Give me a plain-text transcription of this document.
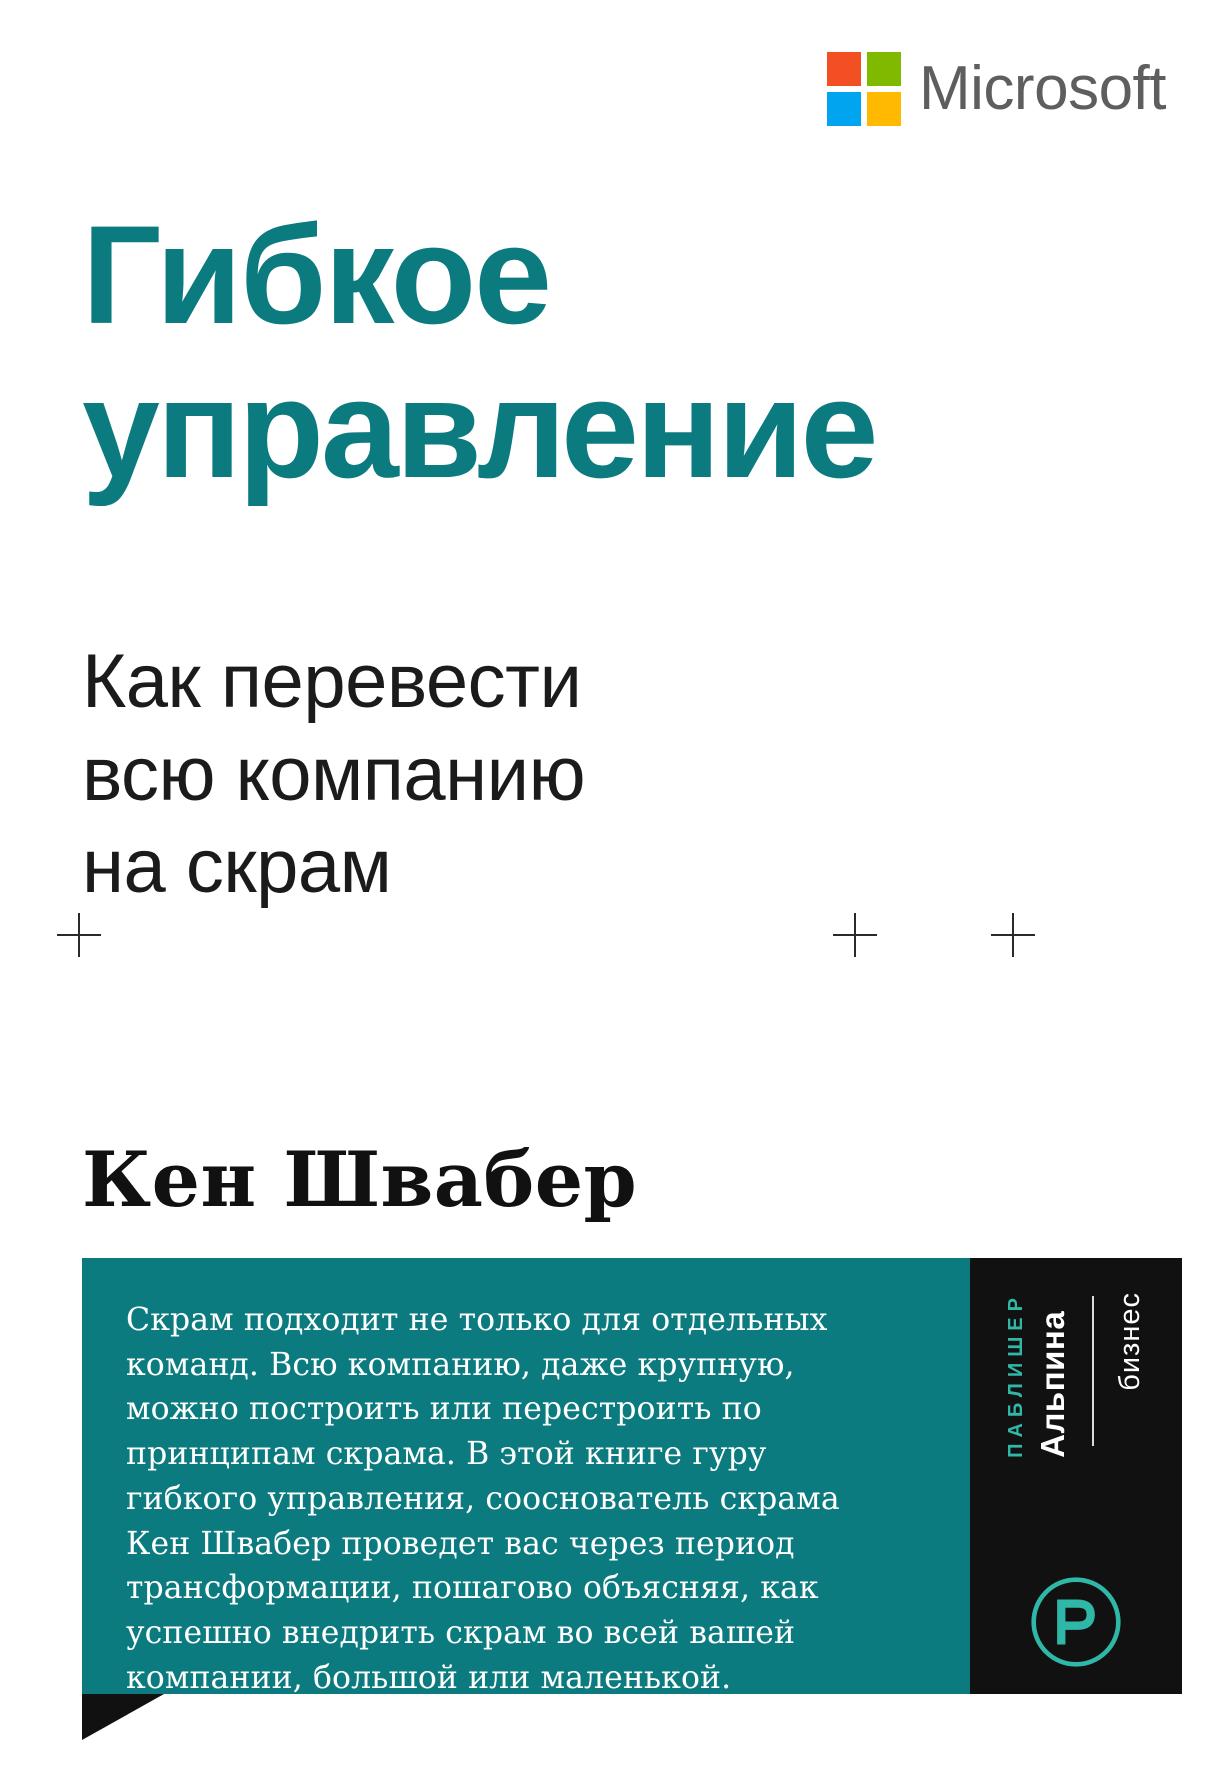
Microsoft
Гибкое
управление
Как перевести
всю компанию
на скрам
Кен Швабер

Скрам подходит не только для отдельных команд. Всю компанию, даже крупную, можно построить или перестроить по принципам скрама. В этой книге гуру гибкого управления, сооснователь скрама Кен Швабер проведет вас через период трансформации, пошагово объясняя, как успешно внедрить скрам во всей вашей компании, большой или маленькой.

ПАБЛИШЕР Альпина бизнес
